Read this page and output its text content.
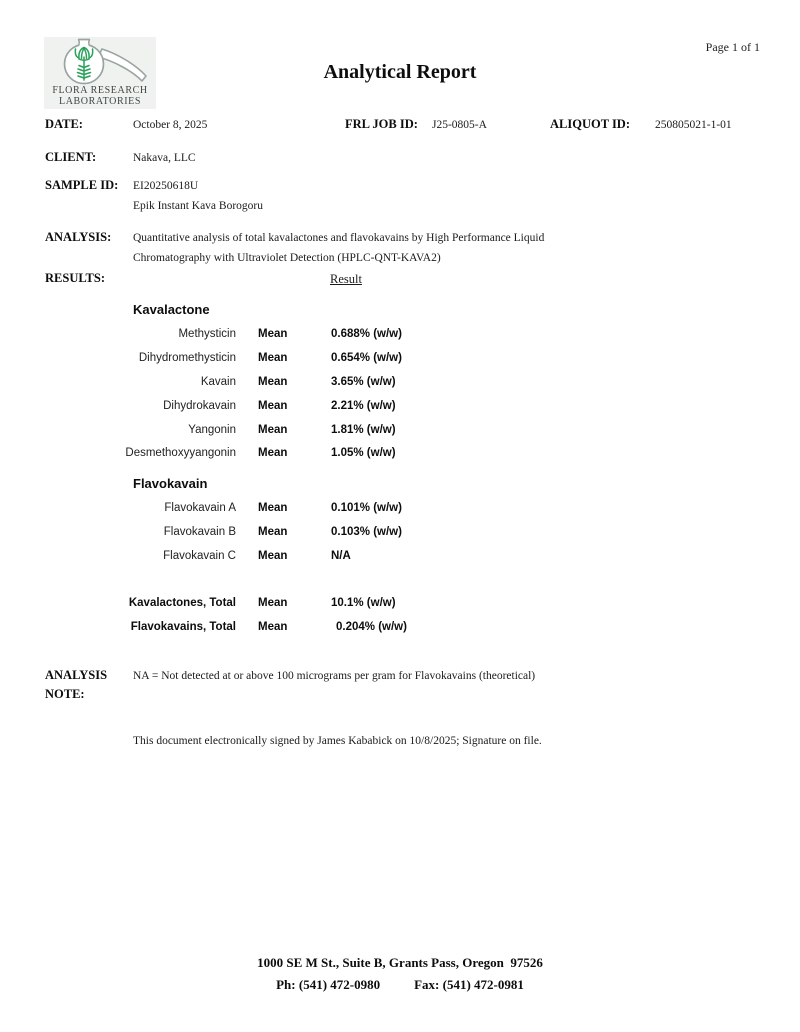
FLORA RESEARCH
LABORATORIES
Page 1 of 1
Analytical Report
DATE:	October 8, 2025	FRL JOB ID: J25-0805-A	ALIQUOT ID: 250805021-1-01
CLIENT:	Nakava, LLC
SAMPLE ID: EI20250618U
Epik Instant Kava Borogoru
ANALYSIS: Quantitative analysis of total kavalactones and flavokavains by High Performance Liquid
Chromatography with Ultraviolet Detection (HPLC-QNT-KAVA2)
RESULTS:	Result
Kavalactone
Methysticin Mean	0.688% (w/w)
Dihydromethysticin Mean	0.654% (w/w)
Kavain Mean	3.65% (w/w)
Dihydrokavain Mean	2.21% (w/w)
Yangonin Mean	1.81% (w/w)
Desmethoxyyangonin Mean	1.05% (w/w)
Flavokavain
Flavokavain A Mean	0.101% (w/w)
Flavokavain B Mean	0.103% (w/w)
Flavokavain C Mean	N/A
Kavalactones, Total Mean	10.1% (w/w)
Flavokavains, Total Mean	0.204% (w/w)
ANALYSIS
NOTE:
NA = Not detected at or above 100 micrograms per gram for Flavokavains (theoretical)
This document electronically signed by James Kababick on 10/8/2025; Signature on file.
1000 SE M St., Suite B, Grants Pass, Oregon  97526
Ph: (541) 472-0980	Fax: (541) 472-0981
